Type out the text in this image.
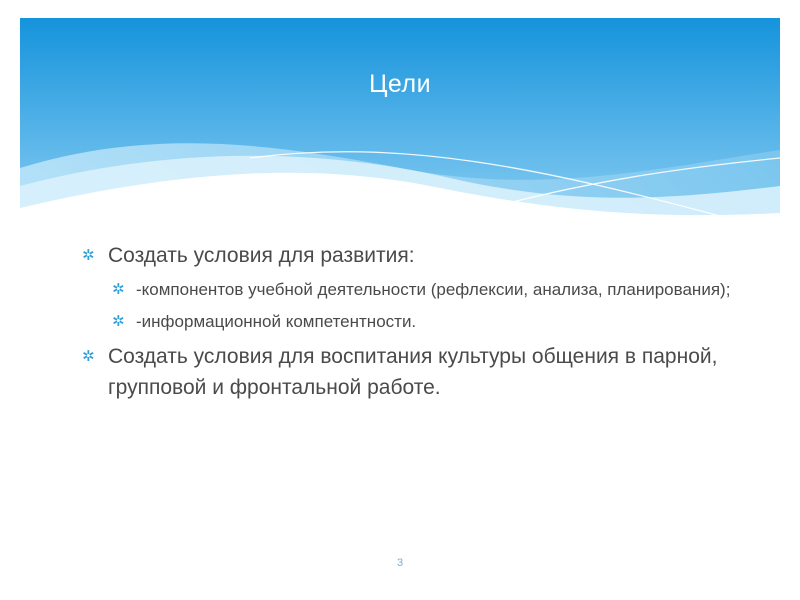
Цели
✲ Создать условия для развития:
✲ -компонентов учебной деятельности (рефлексии, анализа, планирования);
✲ -информационной компетентности.
✲ Создать условия для воспитания культуры общения в парной, групповой и фронтальной работе.
3
